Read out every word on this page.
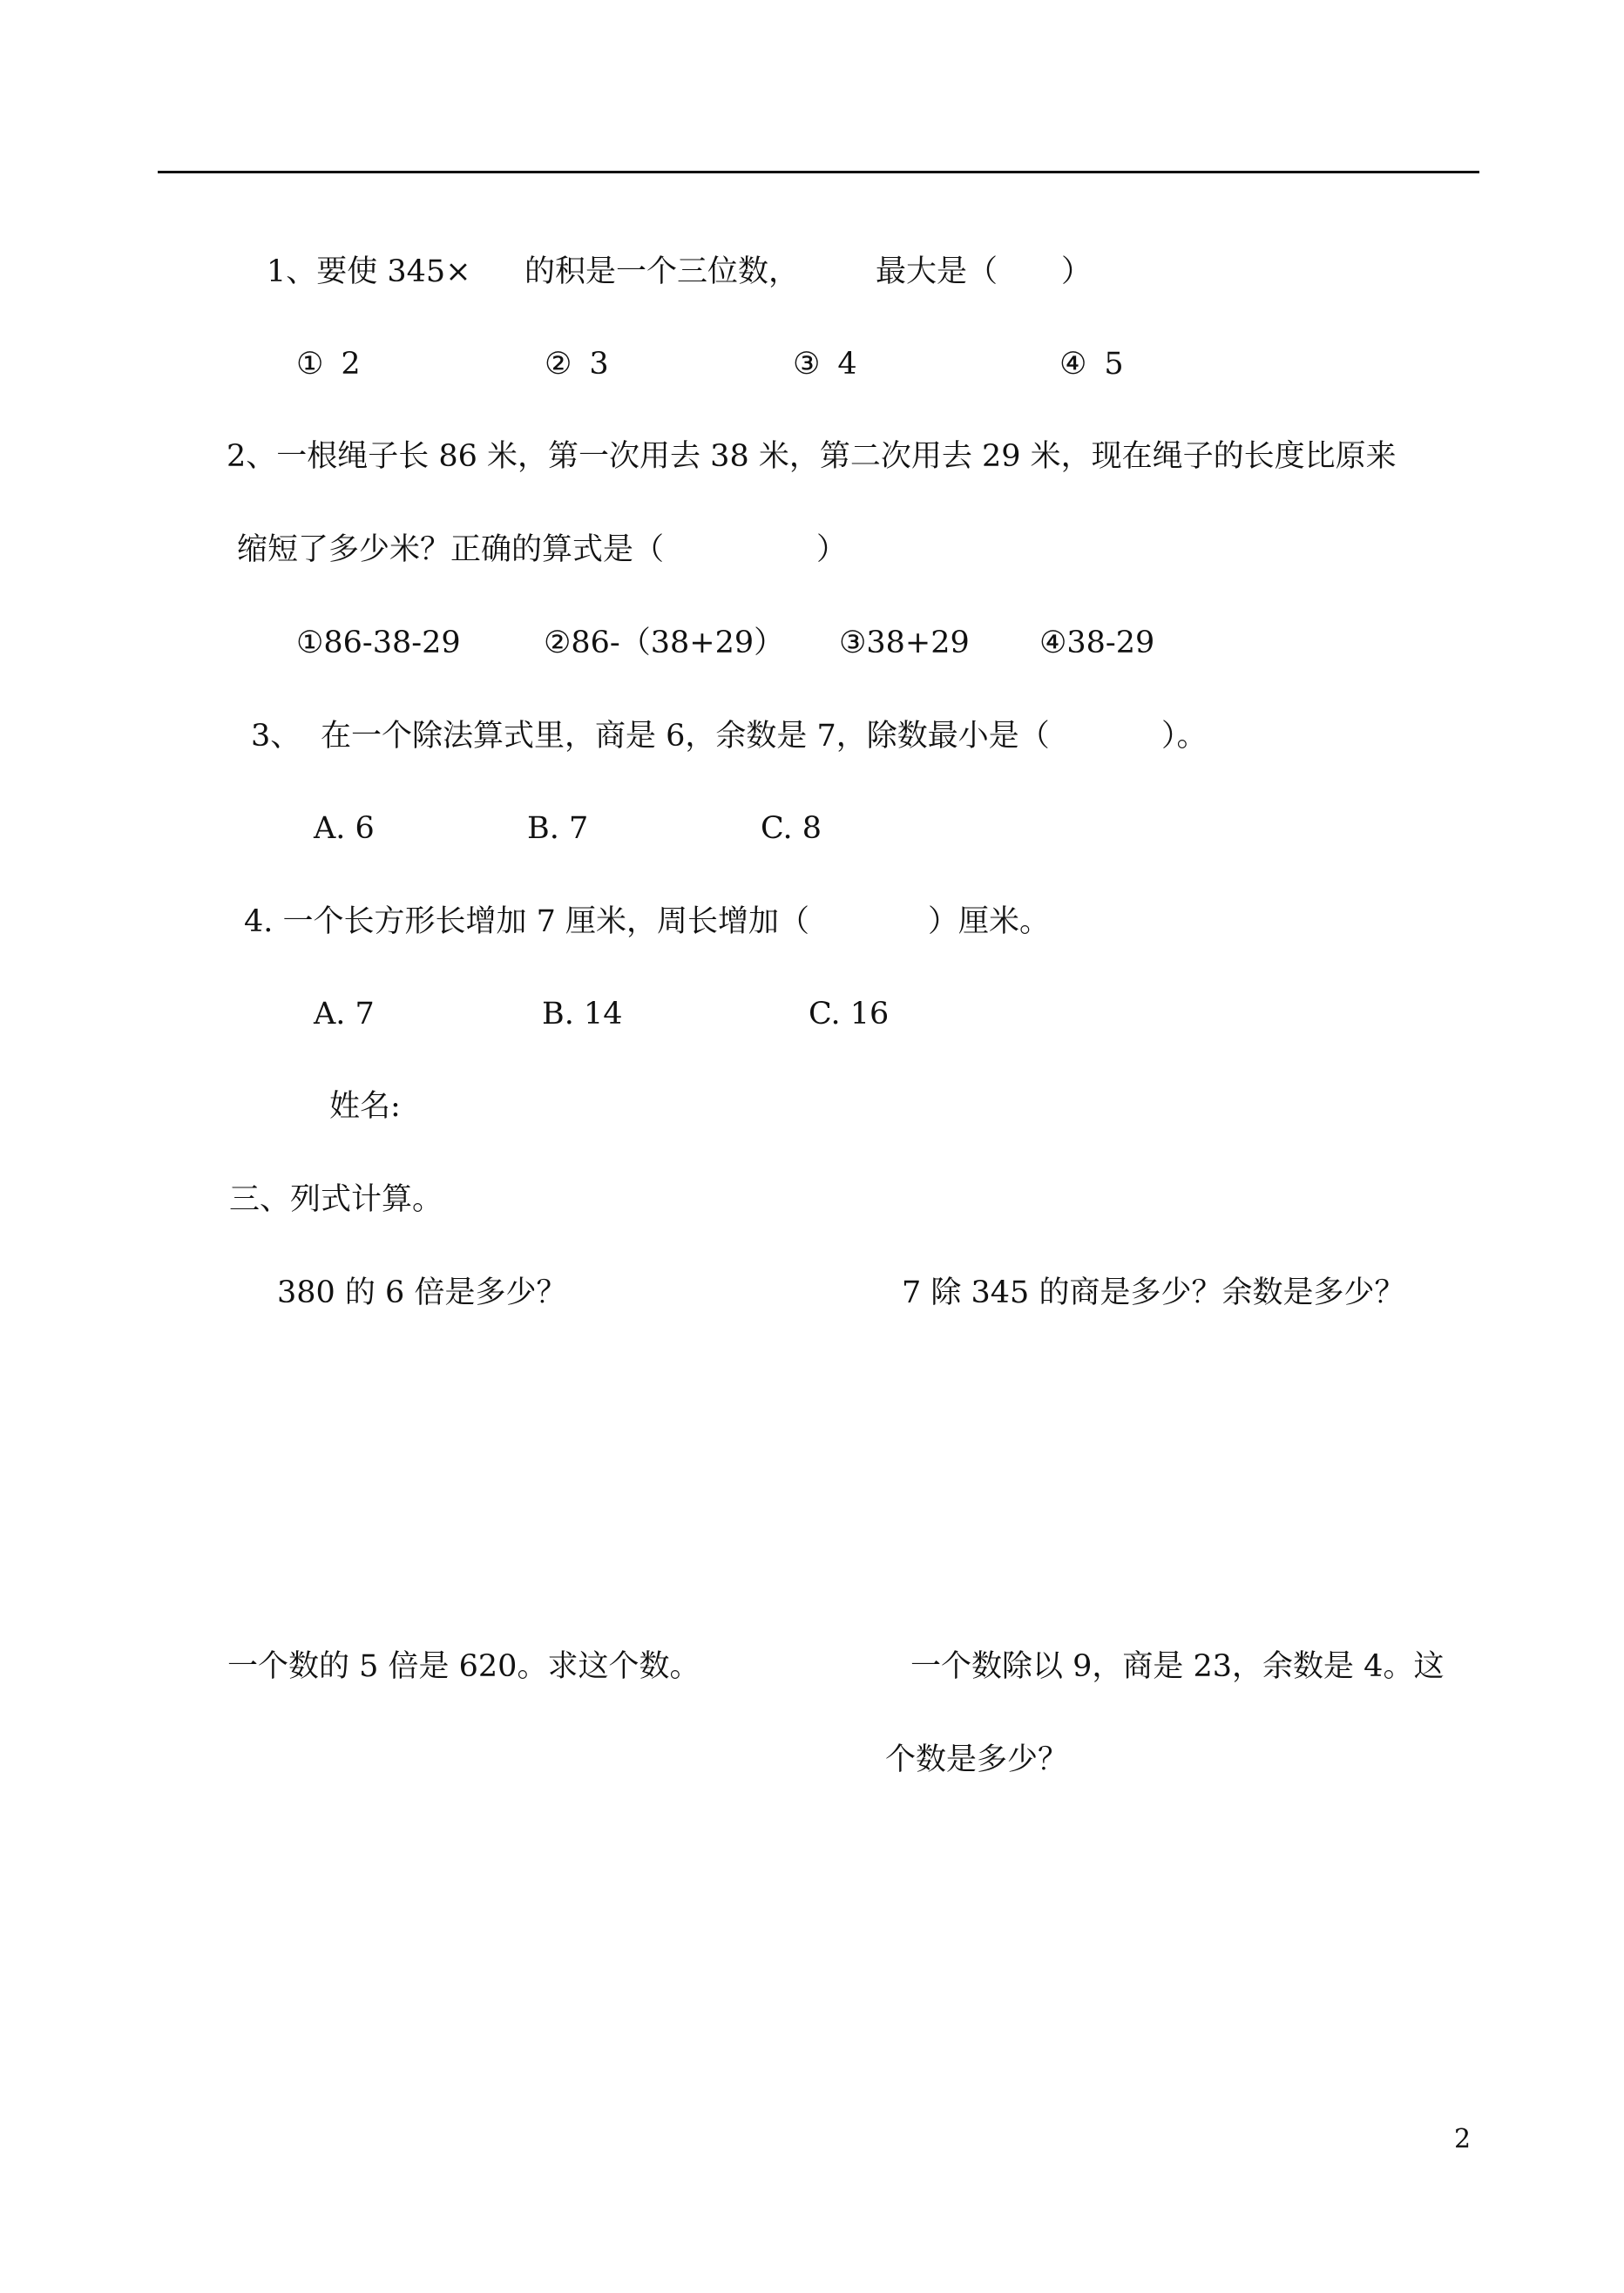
1、要使 345× 的积是一个三位数，	最大是（ ）
① 2	② 3	③ 4	④ 5
2、一根绳子长 86 米，第一次用去 38 米，第二次用去 29 米，现在绳子的长度比原来
缩短了多少米？正确的算式是（	）
①86-38-29	②86-（38+29） ③38+29 ④38-29
3、 在一个除法算式里，商是 6，余数是 7，除数最小是（	）。
A. 6	B. 7	C. 8
4. 一个长方形长增加 7 厘米，周长增加（	）厘米。
A. 7	B. 14	C. 16
姓名:
三、列式计算。
380 的 6 倍是多少？	7 除 345 的商是多少？余数是多少？
一个数的 5 倍是 620。求这个数。	一个数除以 9，商是 23，余数是 4。这
个数是多少？
2
